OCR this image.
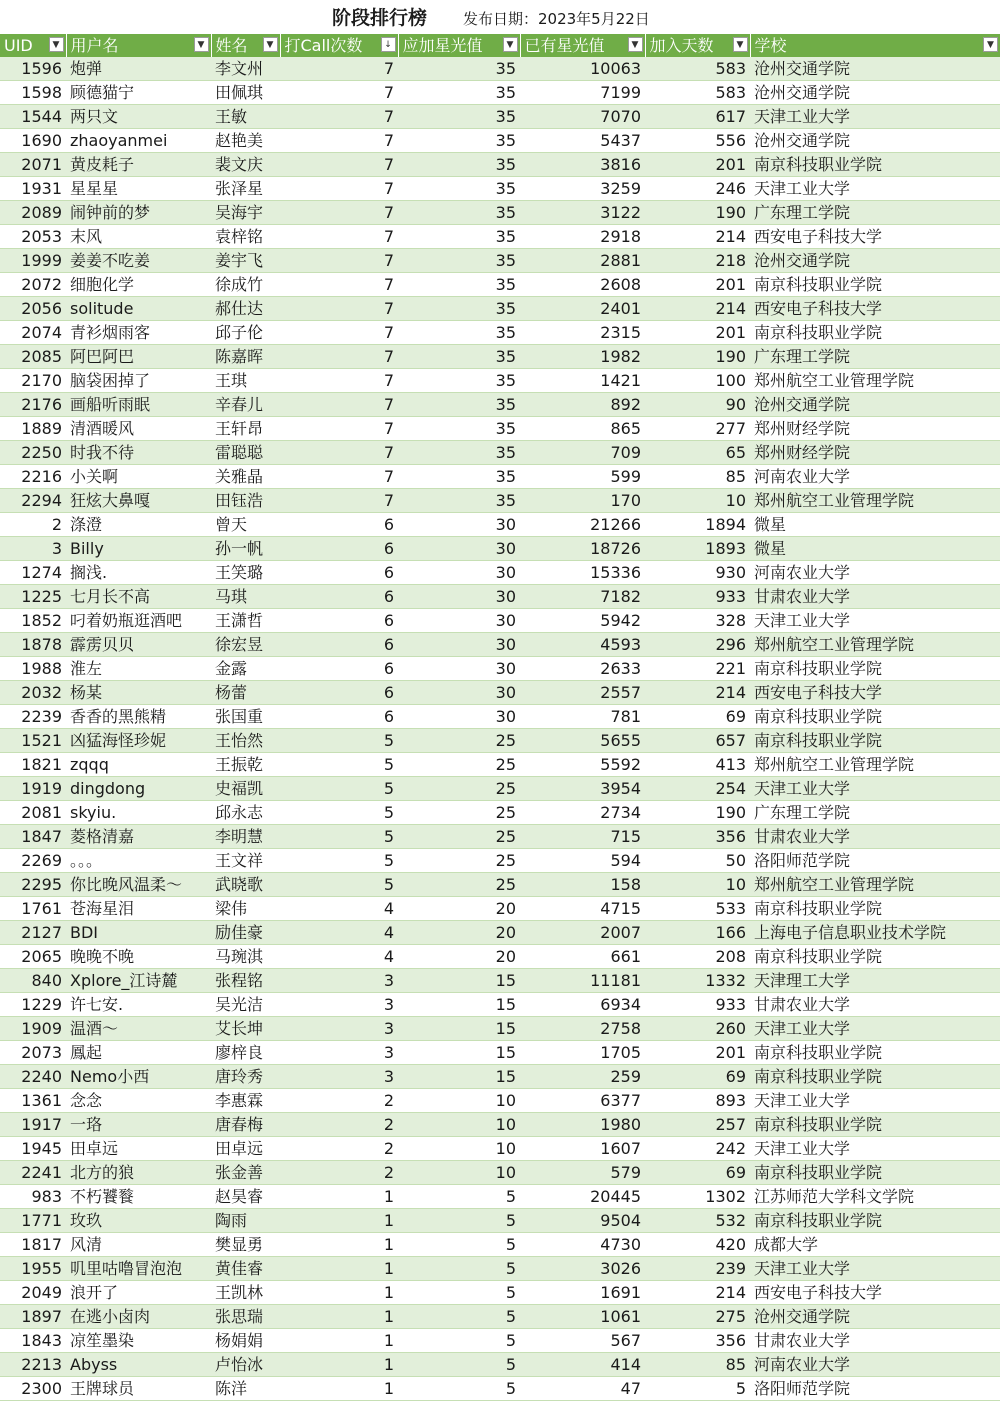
阶段排行榜 发布日期：2023年5月22日
UID ▼	用户名 ▼	姓名 ▼	打Call次数 ↓	应加星光值 ▼	已有星光值 ▼	加入天数 ▼	学校 ▼

1596	炮弹	李文州	7	35	10063	583	沧州交通学院
1598	顾德猫宁	田佩琪	7	35	7199	583	沧州交通学院
1544	两只文	王敏	7	35	7070	617	天津工业大学
1690	zhaoyanmei	赵艳美	7	35	5437	556	沧州交通学院
2071	黄皮耗子	裴文庆	7	35	3816	201	南京科技职业学院
1931	星星星	张泽星	7	35	3259	246	天津工业大学
2089	闹钟前的梦	吴海宇	7	35	3122	190	广东理工学院
2053	末风	袁梓铭	7	35	2918	214	西安电子科技大学
1999	姜姜不吃姜	姜宇飞	7	35	2881	218	沧州交通学院
2072	细胞化学	徐成竹	7	35	2608	201	南京科技职业学院
2056	solitude	郝仕达	7	35	2401	214	西安电子科技大学
2074	青衫烟雨客	邱子伦	7	35	2315	201	南京科技职业学院
2085	阿巴阿巴	陈嘉晖	7	35	1982	190	广东理工学院
2170	脑袋困掉了	王琪	7	35	1421	100	郑州航空工业管理学院
2176	画船听雨眠	辛春儿	7	35	892	90	沧州交通学院
1889	清酒暖风	王轩昂	7	35	865	277	郑州财经学院
2250	时我不待	雷聪聪	7	35	709	65	郑州财经学院
2216	小关啊	关雅晶	7	35	599	85	河南农业大学
2294	狂炫大鼻嘎	田钰浩	7	35	170	10	郑州航空工业管理学院
2	涤澄	曾天	6	30	21266	1894	微星
3	Billy	孙一帆	6	30	18726	1893	微星
1274	搁浅.	王笑璐	6	30	15336	930	河南农业大学
1225	七月长不高	马琪	6	30	7182	933	甘肃农业大学
1852	叼着奶瓶逛酒吧	王潇哲	6	30	5942	328	天津工业大学
1878	霹雳贝贝	徐宏昱	6	30	4593	296	郑州航空工业管理学院
1988	淮左	金露	6	30	2633	221	南京科技职业学院
2032	杨某	杨蕾	6	30	2557	214	西安电子科技大学
2239	香香的黑熊精	张国重	6	30	781	69	南京科技职业学院
1521	凶猛海怪珍妮	王怡然	5	25	5655	657	南京科技职业学院
1821	zqqq	王振乾	5	25	5592	413	郑州航空工业管理学院
1919	dingdong	史福凯	5	25	3954	254	天津工业大学
2081	skyiu.	邱永志	5	25	2734	190	广东理工学院
1847	菱格清嘉	李明慧	5	25	715	356	甘肃农业大学
2269	。。。	王文祥	5	25	594	50	洛阳师范学院
2295	你比晚风温柔～	武晓歌	5	25	158	10	郑州航空工业管理学院
1761	苍海星泪	梁伟	4	20	4715	533	南京科技职业学院
2127	BDI	励佳豪	4	20	2007	166	上海电子信息职业技术学院
2065	晚晚不晚	马琬淇	4	20	661	208	南京科技职业学院
840	Xplore_江诗麓	张程铭	3	15	11181	1332	天津理工大学
1229	许七安.	吴光洁	3	15	6934	933	甘肃农业大学
1909	温酒～	艾长坤	3	15	2758	260	天津工业大学
2073	鳳起	廖梓良	3	15	1705	201	南京科技职业学院
2240	Nemo小西	唐玲秀	3	15	259	69	南京科技职业学院
1361	念念	李惠霖	2	10	6377	893	天津工业大学
1917	一珞	唐春梅	2	10	1980	257	南京科技职业学院
1945	田卓远	田卓远	2	10	1607	242	天津工业大学
2241	北方的狼	张金善	2	10	579	69	南京科技职业学院
983	不朽饕餮	赵昊睿	1	5	20445	1302	江苏师范大学科文学院
1771	玫玖	陶雨	1	5	9504	532	南京科技职业学院
1817	风清	樊显勇	1	5	4730	420	成都大学
1955	叽里咕噜冒泡泡	黄佳睿	1	5	3026	239	天津工业大学
2049	浪开了	王凯林	1	5	1691	214	西安电子科技大学
1897	在逃小卤肉	张思瑞	1	5	1061	275	沧州交通学院
1843	凉笙墨染	杨娟娟	1	5	567	356	甘肃农业大学
2213	Abyss	卢怡冰	1	5	414	85	河南农业大学
2300	王牌球员	陈洋	1	5	47	5	洛阳师范学院
